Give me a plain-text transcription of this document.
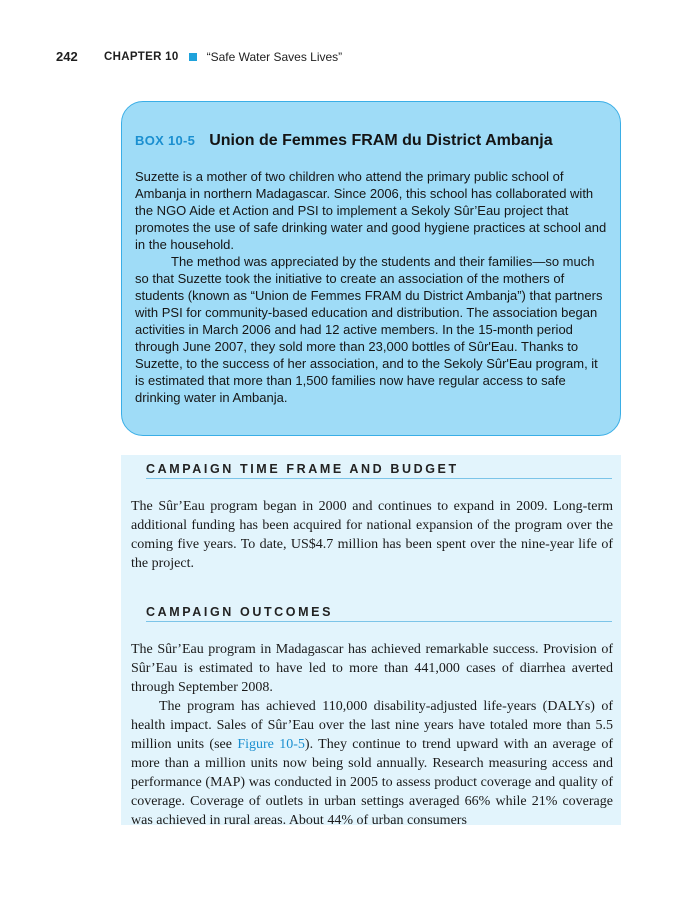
242	CHAPTER 10 “Safe Water Saves Lives”
BOX 10-5 Union de Femmes FRAM du District Ambanja

Suzette is a mother of two children who attend the primary public school of Ambanja in northern Madagascar. Since 2006, this school has collaborated with the NGO Aide et Action and PSI to implement a Sekoly Sûr’Eau project that promotes the use of safe drinking water and good hygiene practices at school and in the household.

The method was appreciated by the students and their families—so much so that Suzette took the initiative to create an association of the mothers of students (known as “Union de Femmes FRAM du District Ambanja”) that partners with PSI for community-based education and distribution. The association began activities in March 2006 and had 12 active members. In the 15-month period through June 2007, they sold more than 23,000 bottles of Sûr'Eau. Thanks to Suzette, to the success of her association, and to the Sekoly Sûr'Eau program, it is estimated that more than 1,500 families now have regular access to safe drinking water in Ambanja.

CAMPAIGN TIME FRAME AND BUDGET

The Sûr’Eau program began in 2000 and continues to expand in 2009. Long-term additional funding has been acquired for national expansion of the program over the coming five years. To date, US$4.7 million has been spent over the nine-year life of the project.

CAMPAIGN OUTCOMES

The Sûr’Eau program in Madagascar has achieved remarkable success. Provision of Sûr’Eau is estimated to have led to more than 441,000 cases of diarrhea averted through September 2008.

The program has achieved 110,000 disability-adjusted life-years (DALYs) of health impact. Sales of Sûr’Eau over the last nine years have totaled more than 5.5 million units (see Figure 10-5). They continue to trend upward with an average of more than a million units now being sold annually. Research measuring access and performance (MAP) was conducted in 2005 to assess product coverage and quality of coverage. Coverage of outlets in urban settings averaged 66% while 21% coverage was achieved in rural areas. About 44% of urban consumers
